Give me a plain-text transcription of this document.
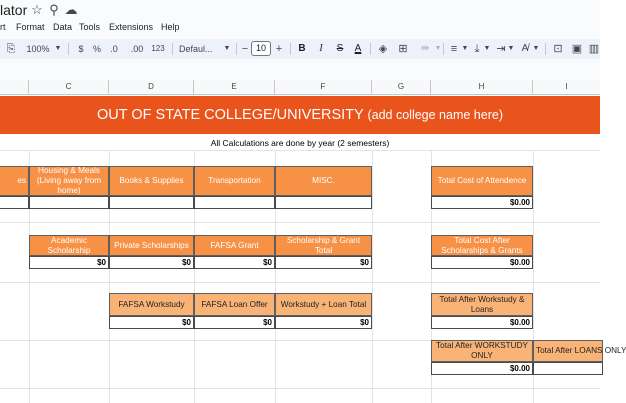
lator ☆ ⚲ ☁
rt Format Data Tools Extensions Help
⎘ 100% ▼ $ %	.0	.00	123 Defaul...	▼ − 10 + B	I	S A ◈ ⊞	⇹ ▼ ≡ ▼ ⤓ ▼ ⇥ ▼ A̸ ▼ ⊡ ▣ ▥
C	D	E	F	G	H	I
OUT OF STATE COLLEGE/UNIVERSITY (add college name here)
All Calculations are done by year (2 semesters)
es
Housing & Meals (Living away from home)
Books & Supplies	Transportation	MISC.	Total Cost of Attendence
$0.00
Academic Scholarship
Private Scholarships	FAFSA Grant
Scholarship & Grant Total
$0	$0	$0	$0
Total Cost After Scholarships & Grants
$0.00
FAFSA Workstudy	FAFSA Loan Offer	Workstudy + Loan Total
$0	$0	$0
Total After Workstudy & Loans
$0.00
Total After WORKSTUDY ONLY
Total After LOANS ONLY
$0.00
